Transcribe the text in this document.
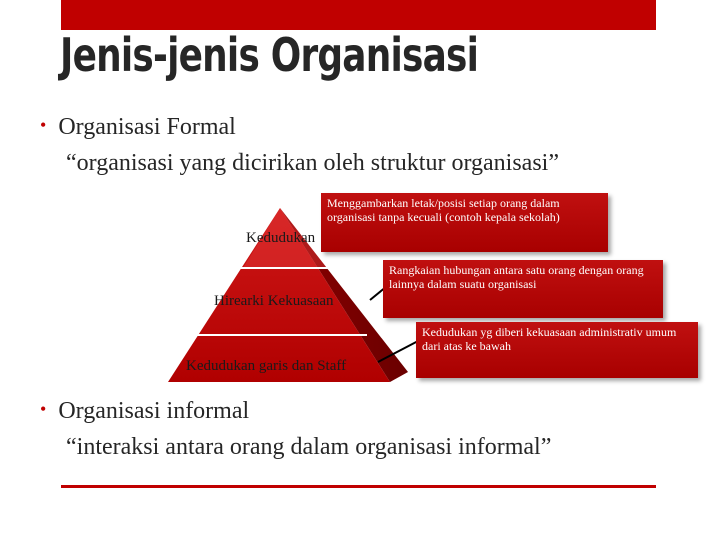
Jenis-jenis Organisasi
• Organisasi Formal
“organisasi yang dicirikan oleh struktur organisasi”
Kedudukan
Hirearki Kekuasaan
Kedudukan garis dan Staff
Menggambarkan letak/posisi setiap orang dalam organisasi tanpa kecuali (contoh kepala sekolah)
Rangkaian hubungan antara satu orang dengan orang lainnya dalam suatu organisasi
Kedudukan yg diberi kekuasaan administrativ umum dari atas ke bawah
• Organisasi informal
“interaksi antara orang dalam organisasi informal”
